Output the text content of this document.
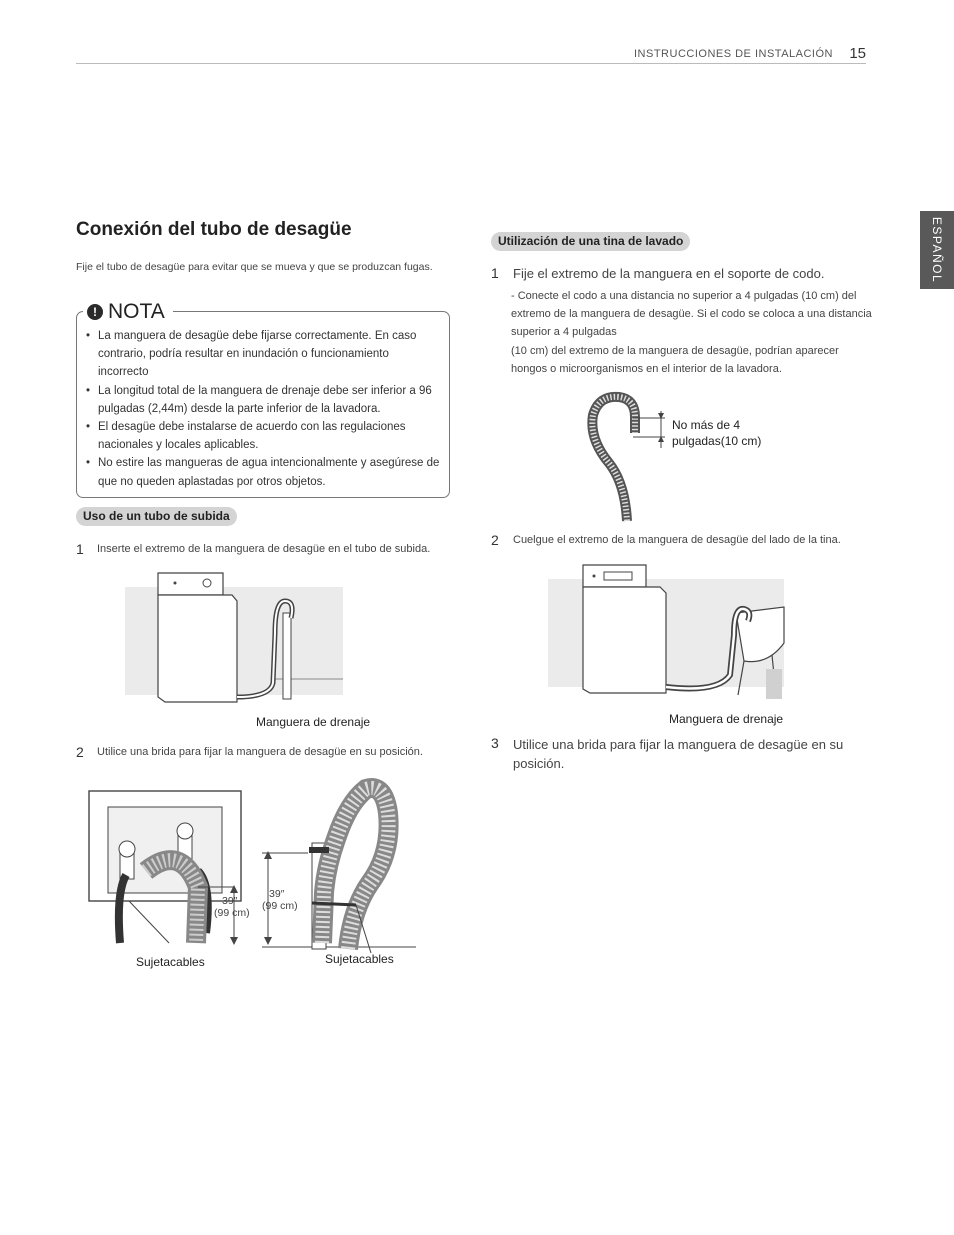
INSTRUCCIONES DE INSTALACIÓN 15
ESPAÑOL
Conexión del tubo de desagüe
Fije el tubo de desagüe para evitar que se mueva y que se produzcan fugas.
! NOTA
• La manguera de desagüe debe fijarse correctamente. En caso contrario, podría resultar en inundación o funcionamiento incorrecto
• La longitud total de la manguera de drenaje debe ser inferior a 96 pulgadas (2,44m) desde la parte inferior de la lavadora.
• El desagüe debe instalarse de acuerdo con las regulaciones nacionales y locales aplicables.
• No estire las mangueras de agua intencionalmente y asegúrese de que no queden aplastadas por otros objetos.
Uso de un tubo de subida
1 Inserte el extremo de la manguera de desagüe en el tubo de subida.
Manguera de drenaje
2 Utilice una brida para fijar la manguera de desagüe en su posición.
39″
(99 cm)
39″
(99 cm)
Sujetacables	Sujetacables
Utilización de una tina de lavado
1 Fije el extremo de la manguera en el soporte de codo.
- Conecte el codo a una distancia no superior a 4 pulgadas (10 cm) del extremo de la manguera de desagüe. Si el codo se coloca a una distancia superior a 4 pulgadas
(10 cm) del extremo de la manguera de desagüe, podrían aparecer hongos o microorganismos en el interior de la lavadora.
No más de 4
pulgadas(10 cm)
2 Cuelgue el extremo de la manguera de desagüe del lado de la tina.
Manguera de drenaje
3 Utilice una brida para fijar la manguera de desagüe en su posición.
